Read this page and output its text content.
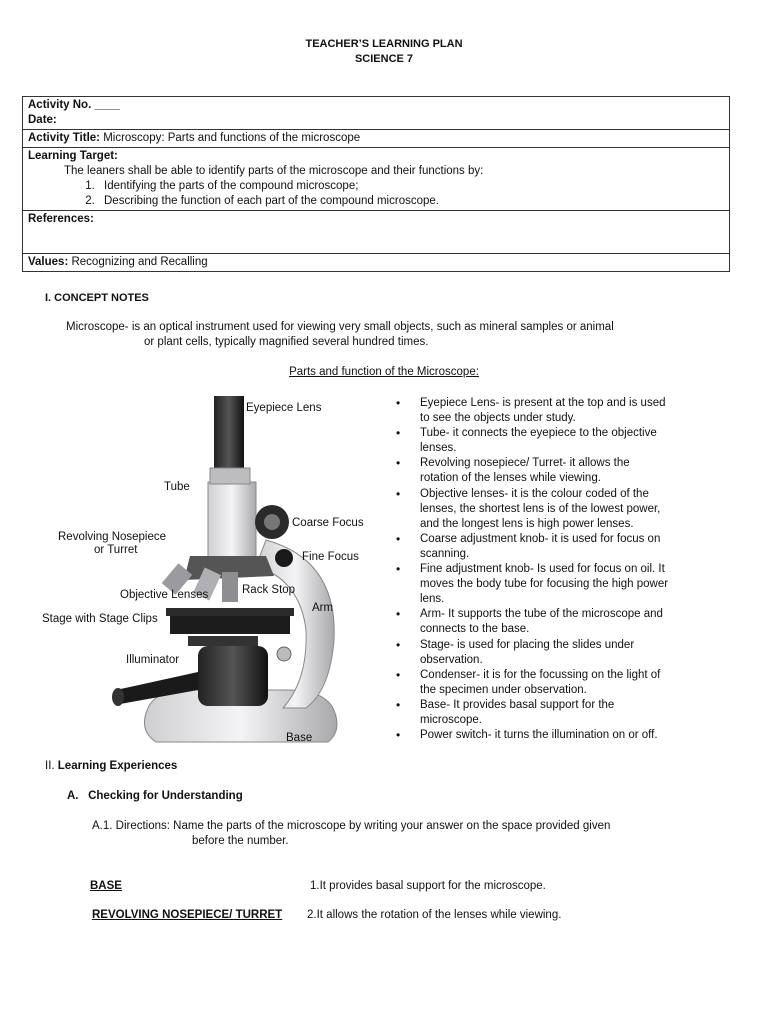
TEACHER’S LEARNING PLAN
SCIENCE 7
Activity No. ____
Date:

Activity Title: Microscopy: Parts and functions of the microscope
Learning Target:
The leaners shall be able to identify parts of the microscope and their functions by:
1. Identifying the parts of the compound microscope;
2. Describing the function of each part of the compound microscope.

References:
Values: Recognizing and Recalling
I. CONCEPT NOTES
Microscope- is an optical instrument used for viewing very small objects, such as mineral samples or animal
or plant cells, typically magnified several hundred times.
Parts and function of the Microscope:
Eyepiece Lens
Tube
Coarse Focus
Revolving Nosepiece
or Turret
Fine Focus
Objective Lenses	Rack Stop
Arm
Stage with Stage Clips
Illuminator
Base
• Eyepiece Lens- is present at the top and is used
to see the objects under study.
• Tube- it connects the eyepiece to the objective
lenses.
• Revolving nosepiece/ Turret- it allows the
rotation of the lenses while viewing.
• Objective lenses- it is the colour coded of the
lenses, the shortest lens is of the lowest power,
and the longest lens is high power lenses.
• Coarse adjustment knob- it is used for focus on
scanning.
• Fine adjustment knob- Is used for focus on oil. It
moves the body tube for focusing the high power
lens.
• Arm- It supports the tube of the microscope and
connects to the base.
• Stage- is used for placing the slides under
observation.
• Condenser- it is for the focussing on the light of
the specimen under observation.
• Base- It provides basal support for the
microscope.
• Power switch- it turns the illumination on or off.
II. Learning Experiences
A. Checking for Understanding
A.1. Directions: Name the parts of the microscope by writing your answer on the space provided given
before the number.
BASE	1.It provides basal support for the microscope.
REVOLVING NOSEPIECE/ TURRET 2.It allows the rotation of the lenses while viewing.
